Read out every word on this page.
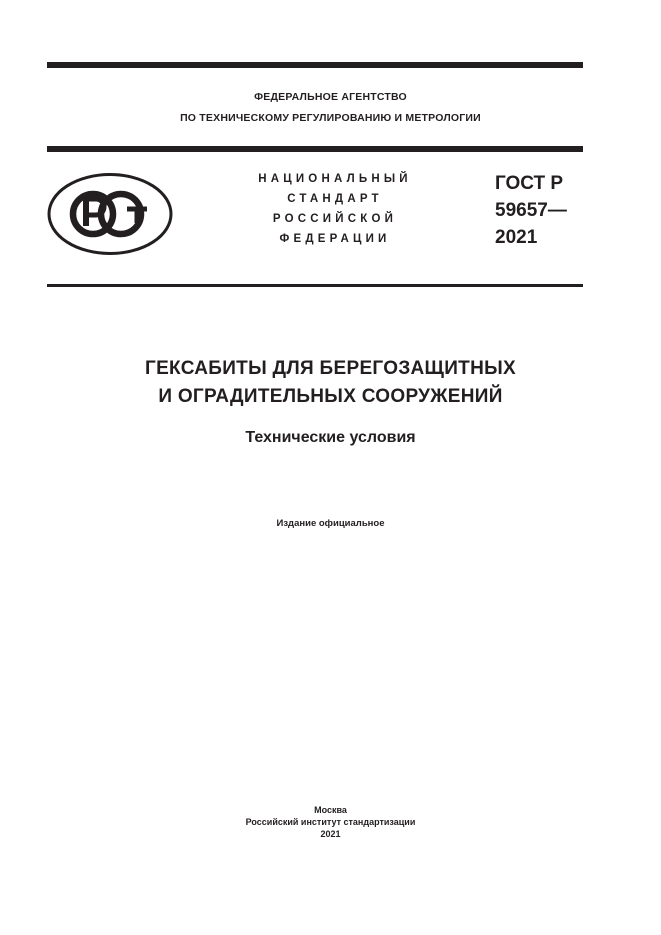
ФЕДЕРАЛЬНОЕ АГЕНТСТВО
ПО ТЕХНИЧЕСКОМУ РЕГУЛИРОВАНИЮ И МЕТРОЛОГИИ
НАЦИОНАЛЬНЫЙ
СТАНДАРТ
РОССИЙСКОЙ
ФЕДЕРАЦИИ
ГОСТ Р
59657—
2021
ГЕКСАБИТЫ ДЛЯ БЕРЕГОЗАЩИТНЫХ
И ОГРАДИТЕЛЬНЫХ СООРУЖЕНИЙ
Технические условия
Издание официальное
Москва
Российский институт стандартизации
2021
